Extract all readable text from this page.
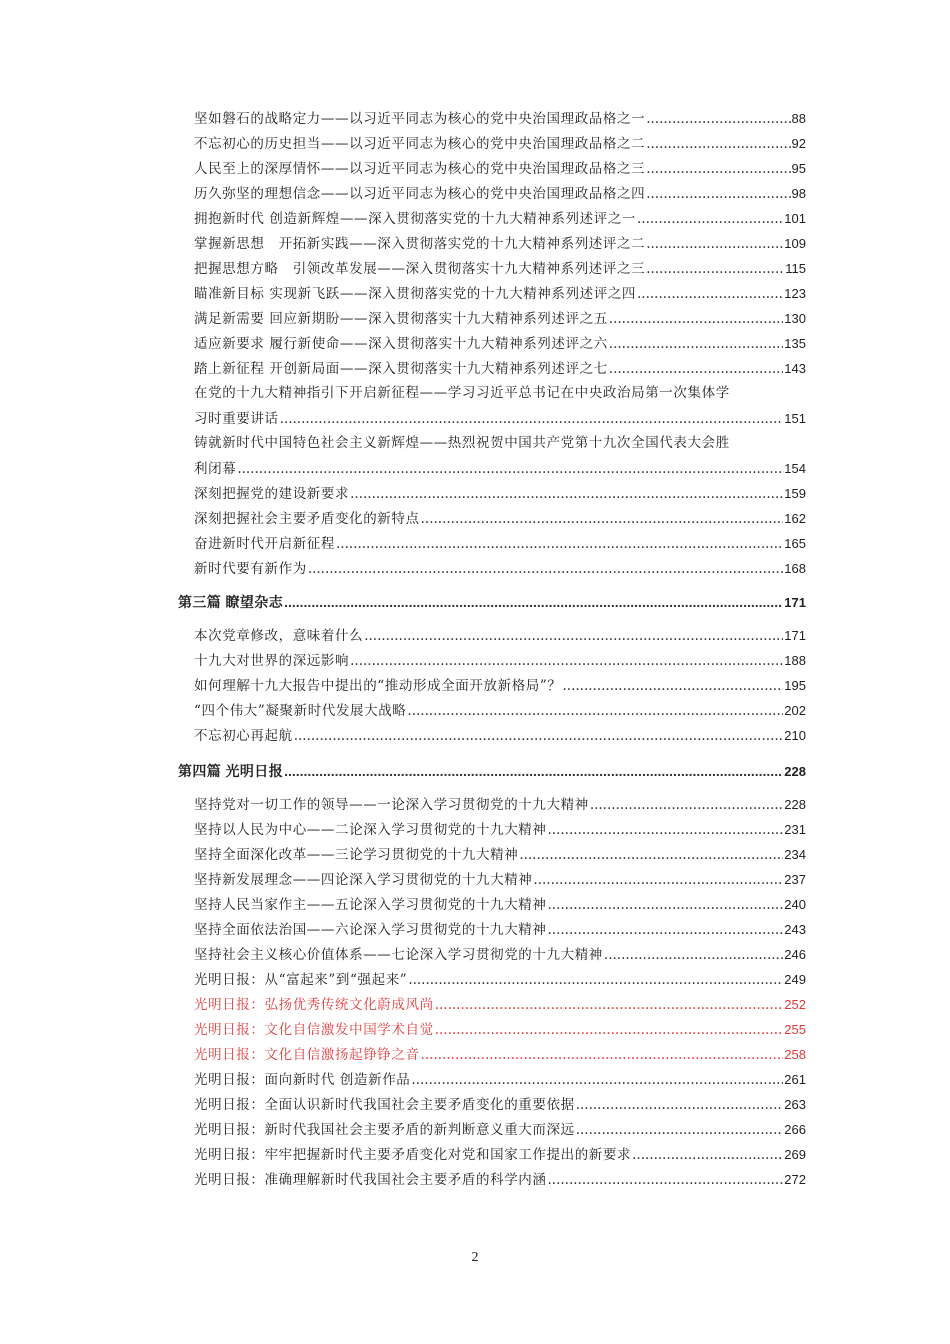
坚如磐石的战略定力——以习近平同志为核心的党中央治国理政品格之一 .....	88
不忘初心的历史担当——以习近平同志为核心的党中央治国理政品格之二 .....	92
人民至上的深厚情怀——以习近平同志为核心的党中央治国理政品格之三 .....	95
历久弥坚的理想信念——以习近平同志为核心的党中央治国理政品格之四 .....	98
拥抱新时代 创造新辉煌——深入贯彻落实党的十九大精神系列述评之一 .....	101
掌握新思想　开拓新实践——深入贯彻落实党的十九大精神系列述评之二 .....	109
把握思想方略　引领改革发展——深入贯彻落实十九大精神系列述评之三 .....	115
瞄准新目标 实现新飞跃——深入贯彻落实党的十九大精神系列述评之四 .....	123
满足新需要 回应新期盼——深入贯彻落实十九大精神系列述评之五 .....	130
适应新要求 履行新使命——深入贯彻落实十九大精神系列述评之六 .....	135
踏上新征程 开创新局面——深入贯彻落实十九大精神系列述评之七 .....	143
在党的十九大精神指引下开启新征程——学习习近平总书记在中央政治局第一次集体学
习时重要讲话 .....	151
铸就新时代中国特色社会主义新辉煌——热烈祝贺中国共产党第十九次全国代表大会胜
利闭幕 .....	154
深刻把握党的建设新要求 .....	159
深刻把握社会主要矛盾变化的新特点 .....	162
奋进新时代开启新征程 .....	165
新时代要有新作为 .....	168
第三篇 瞭望杂志 .....	171
本次党章修改，意味着什么 .....	171
十九大对世界的深远影响 .....	188
如何理解十九大报告中提出的“推动形成全面开放新格局”？ .....	195
“四个伟大”凝聚新时代发展大战略 .....	202
不忘初心再起航 .....	210
第四篇 光明日报 .....	228
坚持党对一切工作的领导——一论深入学习贯彻党的十九大精神 .....	228
坚持以人民为中心——二论深入学习贯彻党的十九大精神 .....	231
坚持全面深化改革——三论学习贯彻党的十九大精神 .....	234
坚持新发展理念——四论深入学习贯彻党的十九大精神 .....	237
坚持人民当家作主——五论深入学习贯彻党的十九大精神 .....	240
坚持全面依法治国——六论深入学习贯彻党的十九大精神 .....	243
坚持社会主义核心价值体系——七论深入学习贯彻党的十九大精神 .....	246
光明日报：从“富起来”到“强起来” .....	249
光明日报：弘扬优秀传统文化蔚成风尚 .....	252
光明日报：文化自信激发中国学术自觉 .....	255
光明日报：文化自信激扬起铮铮之音 .....	258
光明日报：面向新时代 创造新作品 .....	261
光明日报：全面认识新时代我国社会主要矛盾变化的重要依据 .....	263
光明日报：新时代我国社会主要矛盾的新判断意义重大而深远 .....	266
光明日报：牢牢把握新时代主要矛盾变化对党和国家工作提出的新要求 .....	269
光明日报：准确理解新时代我国社会主要矛盾的科学内涵 .....	272
2
